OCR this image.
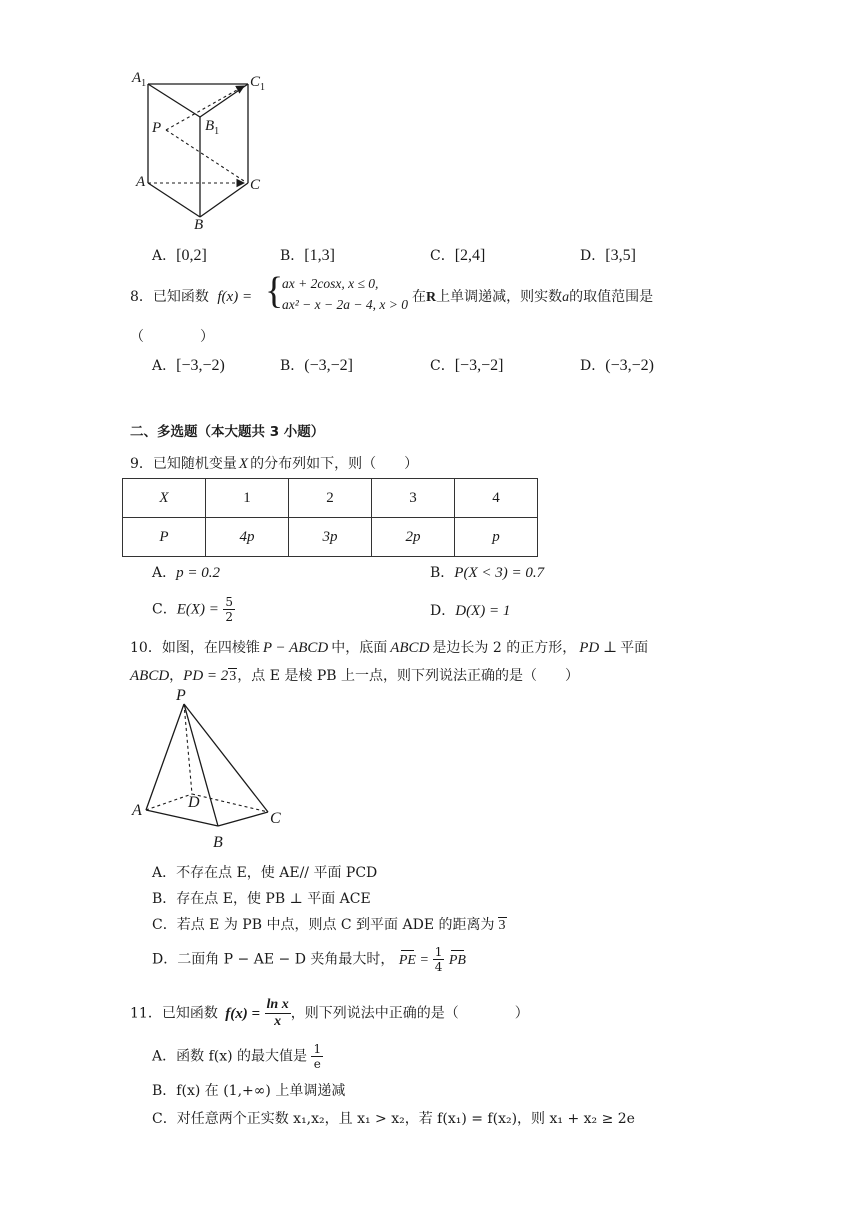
$A_1$	$C_1$
P	$B_1$
A	C
B
A．[0,2]	B．[1,3]	C．[2,4]	D．[3,5]
8．已知函数 f(x) = {
ax + 2cosx, x ≤ 0,
ax² − x − 2a − 4, x > 0 在R上单调递减，则实数a的取值范围是
（　　　　）
A．[−3,−2)	B．(−3,−2]	C．[−3,−2]	D．(−3,−2)
二、多选题（本大题共 3 小题）
9．已知随机变量 X 的分布列如下，则（　　）
X	1	2	3	4
P	4p	3p	2p	p
A．p = 0.2	B．P(X < 3) = 0.7
C．$E(X) = \frac{5}{2}$	D．D(X) = 1
10．如图，在四棱锥 P − ABCD 中，底面 ABCD 是边长为 2 的正方形， PD ⊥ 平面
ABCD，PD = 23，点 E 是棱 PB 上一点，则下列说法正确的是（　　）
P
A	D
C
B
A．不存在点 E，使 AE// 平面 PCD
B．存在点 E，使 PB ⊥ 平面 ACE
C．若点 E 为 PB 中点，则点 C 到平面 ADE 的距离为 3
D．二面角 P − AE − D 夹角最大时， PE = $\frac{1}{4}$ PB
11．已知函数 $f(x) = \frac{\text{ln x}}{x}$ ，则下列说法中正确的是（　　　　）
A．函数 f(x) 的最大值是 $\frac{1}{e}$
B．f(x) 在 (1,+∞) 上单调递减
C．对任意两个正实数 x₁,x₂，且 x₁ > x₂，若 f(x₁) = f(x₂)，则 x₁ + x₂ ≥ 2e
